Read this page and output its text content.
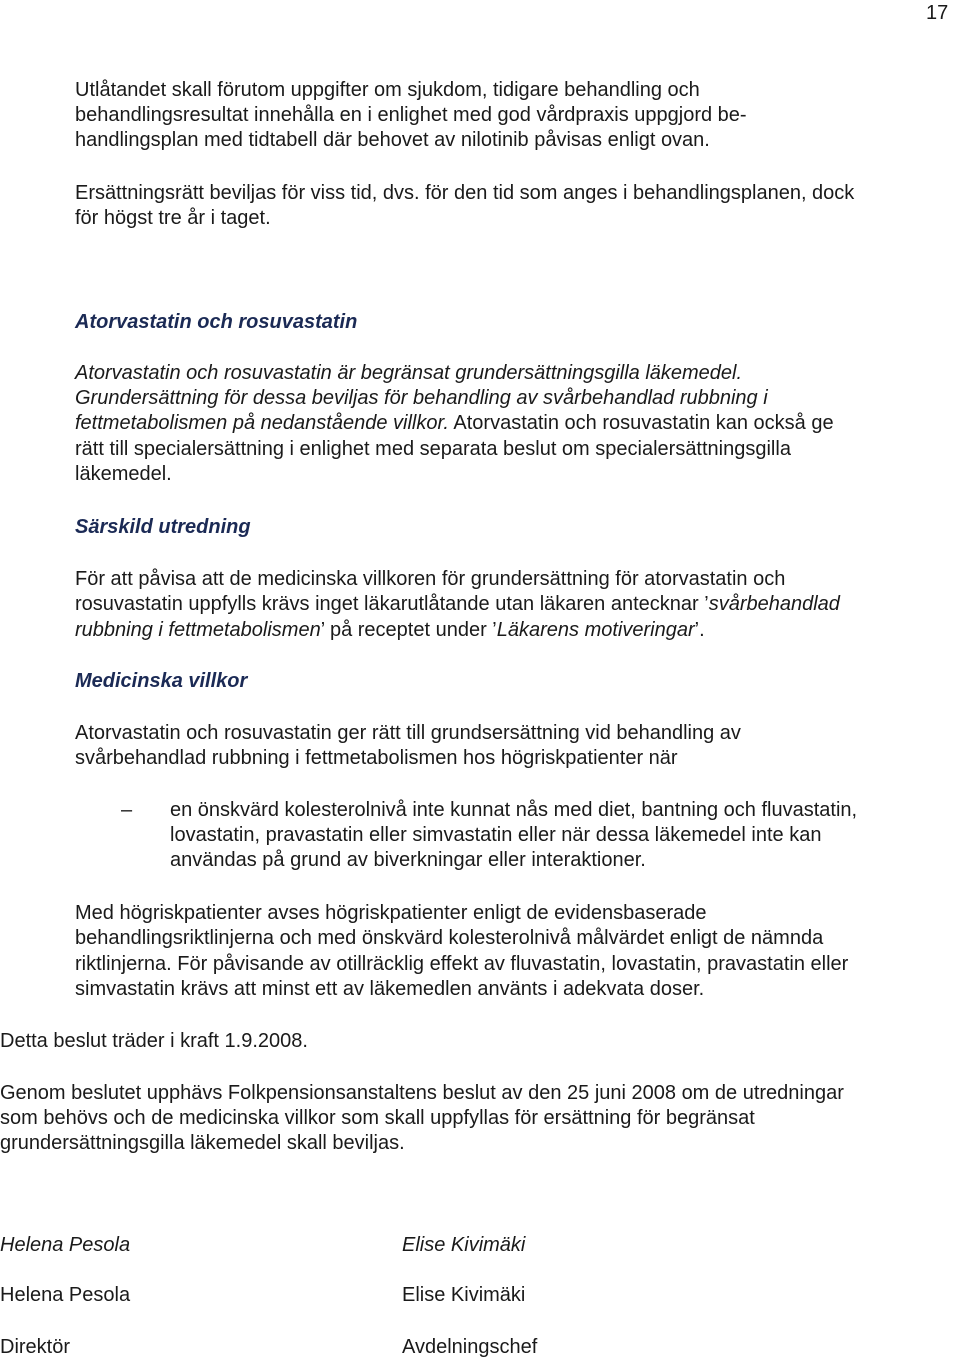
17
Utlåtandet skall förutom uppgifter om sjukdom, tidigare behandling och
behandlingsresultat innehålla en i enlighet med god vårdpraxis uppgjord be-
handlingsplan med tidtabell där behovet av nilotinib påvisas enligt ovan.
Ersättningsrätt beviljas för viss tid, dvs. för den tid som anges i behandlingsplanen, dock
för högst tre år i taget.
Atorvastatin och rosuvastatin
Atorvastatin och rosuvastatin är begränsat grundersättningsgilla läkemedel.
Grundersättning för dessa beviljas för behandling av svårbehandlad rubbning i
fettmetabolismen på nedanstående villkor. Atorvastatin och rosuvastatin kan också ge
rätt till specialersättning i enlighet med separata beslut om specialersättningsgilla
läkemedel.
Särskild utredning
För att påvisa att de medicinska villkoren för grundersättning för atorvastatin och
rosuvastatin uppfylls krävs inget läkarutlåtande utan läkaren antecknar ’svårbehandlad
rubbning i fettmetabolismen’ på receptet under ’Läkarens motiveringar’.
Medicinska villkor
Atorvastatin och rosuvastatin ger rätt till grundsersättning vid behandling av
svårbehandlad rubbning i fettmetabolismen hos högriskpatienter när
– en önskvärd kolesterolnivå inte kunnat nås med diet, bantning och fluvastatin,
lovastatin, pravastatin eller simvastatin eller när dessa läkemedel inte kan
användas på grund av biverkningar eller interaktioner.
Med högriskpatienter avses högriskpatienter enligt de evidensbaserade
behandlingsriktlinjerna och med önskvärd kolesterolnivå målvärdet enligt de nämnda
riktlinjerna. För påvisande av otillräcklig effekt av fluvastatin, lovastatin, pravastatin eller
simvastatin krävs att minst ett av läkemedlen använts i adekvata doser.
Detta beslut träder i kraft 1.9.2008.
Genom beslutet upphävs Folkpensionsanstaltens beslut av den 25 juni 2008 om de utredningar
som behövs och de medicinska villkor som skall uppfyllas för ersättning för begränsat
grundersättningsgilla läkemedel skall beviljas.
Helena Pesola	Elise Kivimäki
Helena Pesola	Elise Kivimäki
Direktör	Avdelningschef
